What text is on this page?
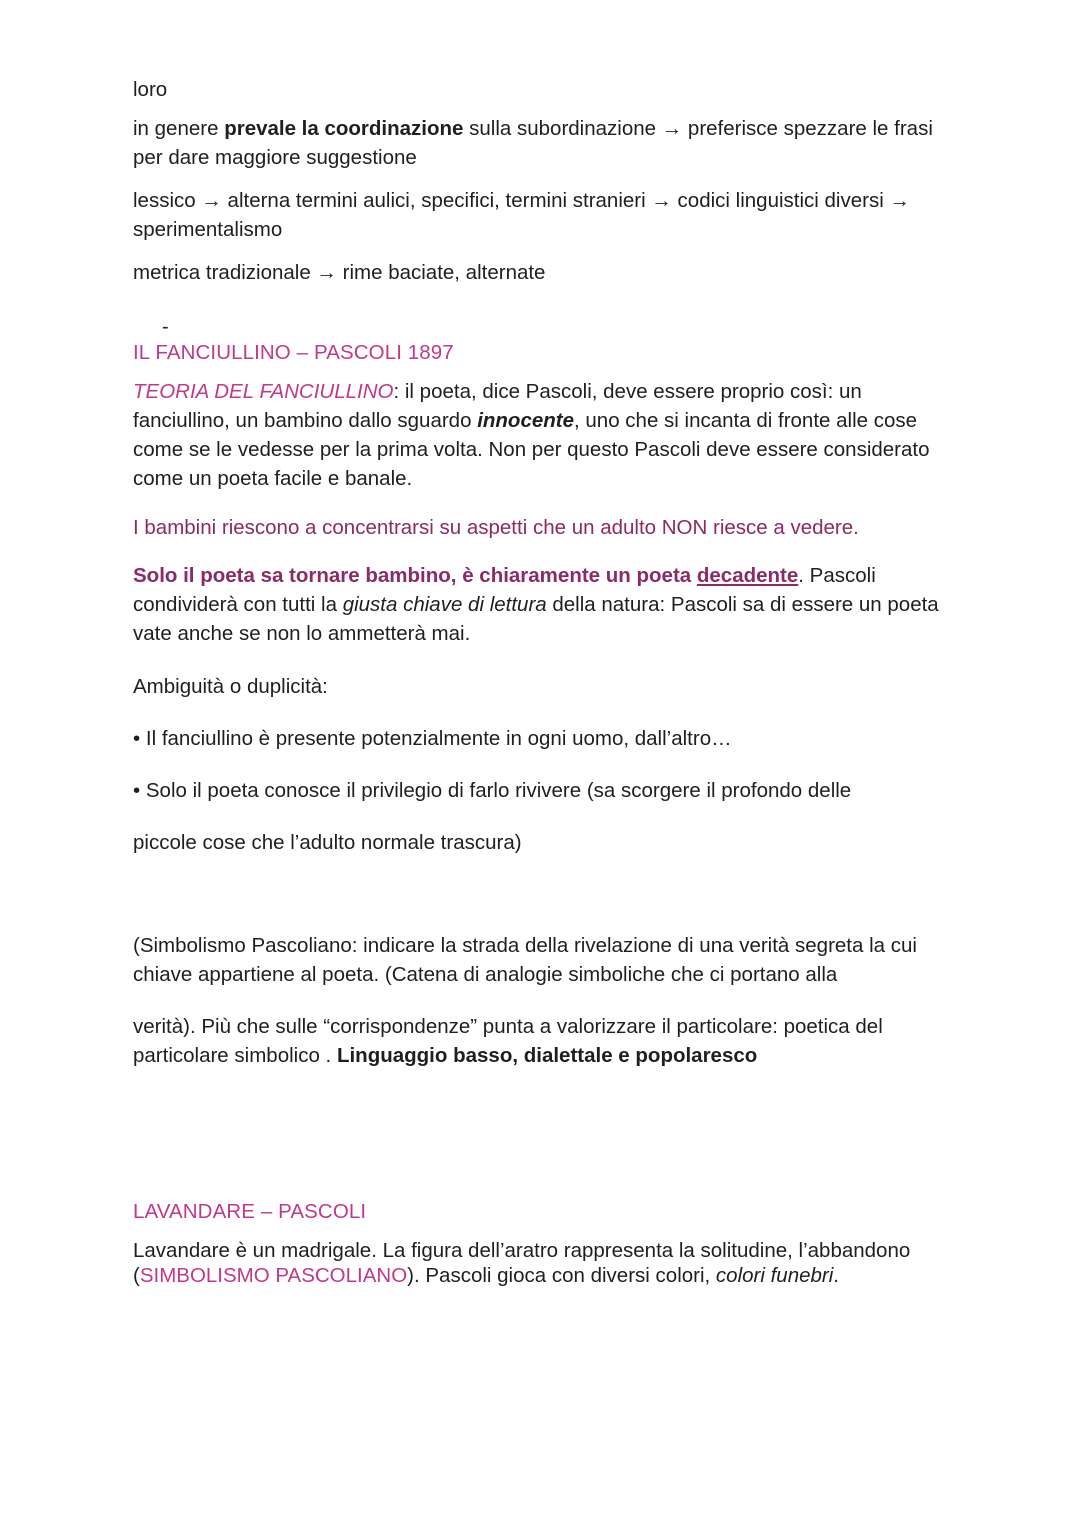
loro

in genere prevale la coordinazione sulla subordinazione → preferisce spezzare le frasi per dare maggiore suggestione

lessico → alterna termini aulici, specifici, termini stranieri → codici linguistici diversi → sperimentalismo

metrica tradizionale → rime baciate, alternate

-

IL FANCIULLINO – PASCOLI 1897

TEORIA DEL FANCIULLINO: il poeta, dice Pascoli, deve essere proprio così: un fanciullino, un bambino dallo sguardo innocente, uno che si incanta di fronte alle cose come se le vedesse per la prima volta. Non per questo Pascoli deve essere considerato come un poeta facile e banale.

I bambini riescono a concentrarsi su aspetti che un adulto NON riesce a vedere.

Solo il poeta sa tornare bambino, è chiaramente un poeta decadente. Pascoli condividerà con tutti la giusta chiave di lettura della natura: Pascoli sa di essere un poeta vate anche se non lo ammetterà mai.

Ambiguità o duplicità:

• Il fanciullino è presente potenzialmente in ogni uomo, dall’altro…

• Solo il poeta conosce il privilegio di farlo rivivere (sa scorgere il profondo delle

piccole cose che l’adulto normale trascura)

(Simbolismo Pascoliano: indicare la strada della rivelazione di una verità segreta la cui chiave appartiene al poeta. (Catena di analogie simboliche che ci portano alla

verità). Più che sulle “corrispondenze” punta a valorizzare il particolare: poetica del particolare simbolico . Linguaggio basso, dialettale e popolaresco

LAVANDARE – PASCOLI

Lavandare è un madrigale. La figura dell’aratro rappresenta la solitudine, l’abbandono (SIMBOLISMO PASCOLIANO). Pascoli gioca con diversi colori, colori funebri.
